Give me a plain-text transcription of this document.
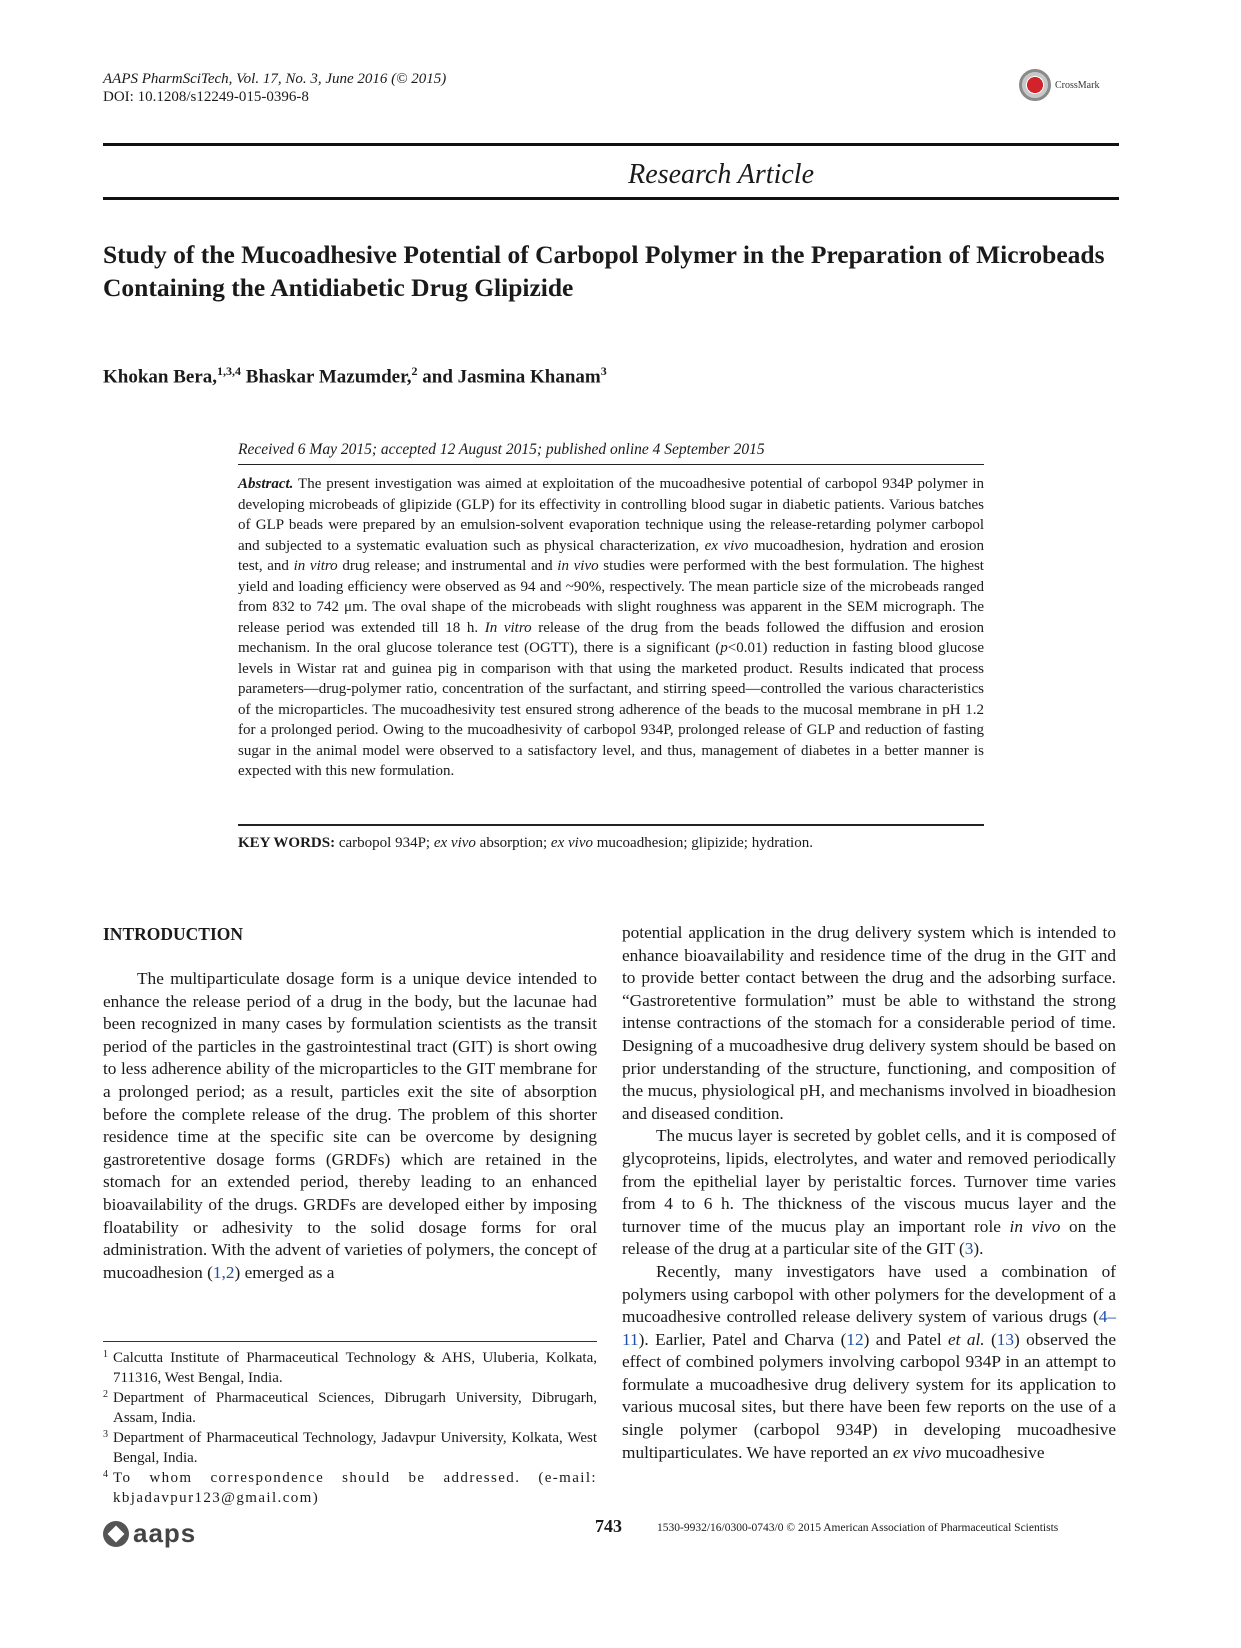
AAPS PharmSciTech, Vol. 17, No. 3, June 2016 (© 2015)
DOI: 10.1208/s12249-015-0396-8
CrossMark
Research Article
Study of the Mucoadhesive Potential of Carbopol Polymer in the Preparation of Microbeads Containing the Antidiabetic Drug Glipizide
Khokan Bera,$^{1,3,4}$ Bhaskar Mazumder,$^2$ and Jasmina Khanam$^3$
Received 6 May 2015; accepted 12 August 2015; published online 4 September 2015
Abstract. The present investigation was aimed at exploitation of the mucoadhesive potential of carbopol 934P polymer in developing microbeads of glipizide (GLP) for its effectivity in controlling blood sugar in diabetic patients. Various batches of GLP beads were prepared by an emulsion-solvent evaporation technique using the release-retarding polymer carbopol and subjected to a systematic evaluation such as physical characterization, ex vivo mucoadhesion, hydration and erosion test, and in vitro drug release; and instrumental and in vivo studies were performed with the best formulation. The highest yield and loading efficiency were observed as 94 and ~90%, respectively. The mean particle size of the microbeads ranged from 832 to 742 μm. The oval shape of the microbeads with slight roughness was apparent in the SEM micrograph. The release period was extended till 18 h. In vitro release of the drug from the beads followed the diffusion and erosion mechanism. In the oral glucose tolerance test (OGTT), there is a significant (p<0.01) reduction in fasting blood glucose levels in Wistar rat and guinea pig in comparison with that using the marketed product. Results indicated that process parameters—drug-polymer ratio, concentration of the surfactant, and stirring speed—controlled the various characteristics of the microparticles. The mucoadhesivity test ensured strong adherence of the beads to the mucosal membrane in pH 1.2 for a prolonged period. Owing to the mucoadhesivity of carbopol 934P, prolonged release of GLP and reduction of fasting sugar in the animal model were observed to a satisfactory level, and thus, management of diabetes in a better manner is expected with this new formulation.
KEY WORDS: carbopol 934P; ex vivo absorption; ex vivo mucoadhesion; glipizide; hydration.
INTRODUCTION

The multiparticulate dosage form is a unique device intended to enhance the release period of a drug in the body, but the lacunae had been recognized in many cases by formulation scientists as the transit period of the particles in the gastrointestinal tract (GIT) is short owing to less adherence ability of the microparticles to the GIT membrane for a prolonged period; as a result, particles exit the site of absorption before the complete release of the drug. The problem of this shorter residence time at the specific site can be overcome by designing gastroretentive dosage forms (GRDFs) which are retained in the stomach for an extended period, thereby leading to an enhanced bioavailability of the drugs. GRDFs are developed either by imposing floatability or adhesivity to the solid dosage forms for oral administration. With the advent of varieties of polymers, the concept of mucoadhesion (1,2) emerged as a

1 Calcutta Institute of Pharmaceutical Technology & AHS, Uluberia, Kolkata, 711316, West Bengal, India.
2 Department of Pharmaceutical Sciences, Dibrugarh University, Dibrugarh, Assam, India.
3 Department of Pharmaceutical Technology, Jadavpur University, Kolkata, West Bengal, India.
4 To whom correspondence should be addressed. (e-mail: kbjadavpur123@gmail.com)

potential application in the drug delivery system which is intended to enhance bioavailability and residence time of the drug in the GIT and to provide better contact between the drug and the adsorbing surface. “Gastroretentive formulation” must be able to withstand the strong intense contractions of the stomach for a considerable period of time. Designing of a mucoadhesive drug delivery system should be based on prior understanding of the structure, functioning, and composition of the mucus, physiological pH, and mechanisms involved in bioadhesion and diseased condition.

The mucus layer is secreted by goblet cells, and it is composed of glycoproteins, lipids, electrolytes, and water and removed periodically from the epithelial layer by peristaltic forces. Turnover time varies from 4 to 6 h. The thickness of the viscous mucus layer and the turnover time of the mucus play an important role in vivo on the release of the drug at a particular site of the GIT (3).

Recently, many investigators have used a combination of polymers using carbopol with other polymers for the development of a mucoadhesive controlled release delivery system of various drugs (4–11). Earlier, Patel and Charva (12) and Patel et al. (13) observed the effect of combined polymers involving carbopol 934P in an attempt to formulate a mucoadhesive drug delivery system for its application to various mucosal sites, but there have been few reports on the use of a single polymer (carbopol 934P) in developing mucoadhesive multiparticulates. We have reported an ex vivo mucoadhesive

aaps	743	1530-9932/16/0300-0743/0 © 2015 American Association of Pharmaceutical Scientists
